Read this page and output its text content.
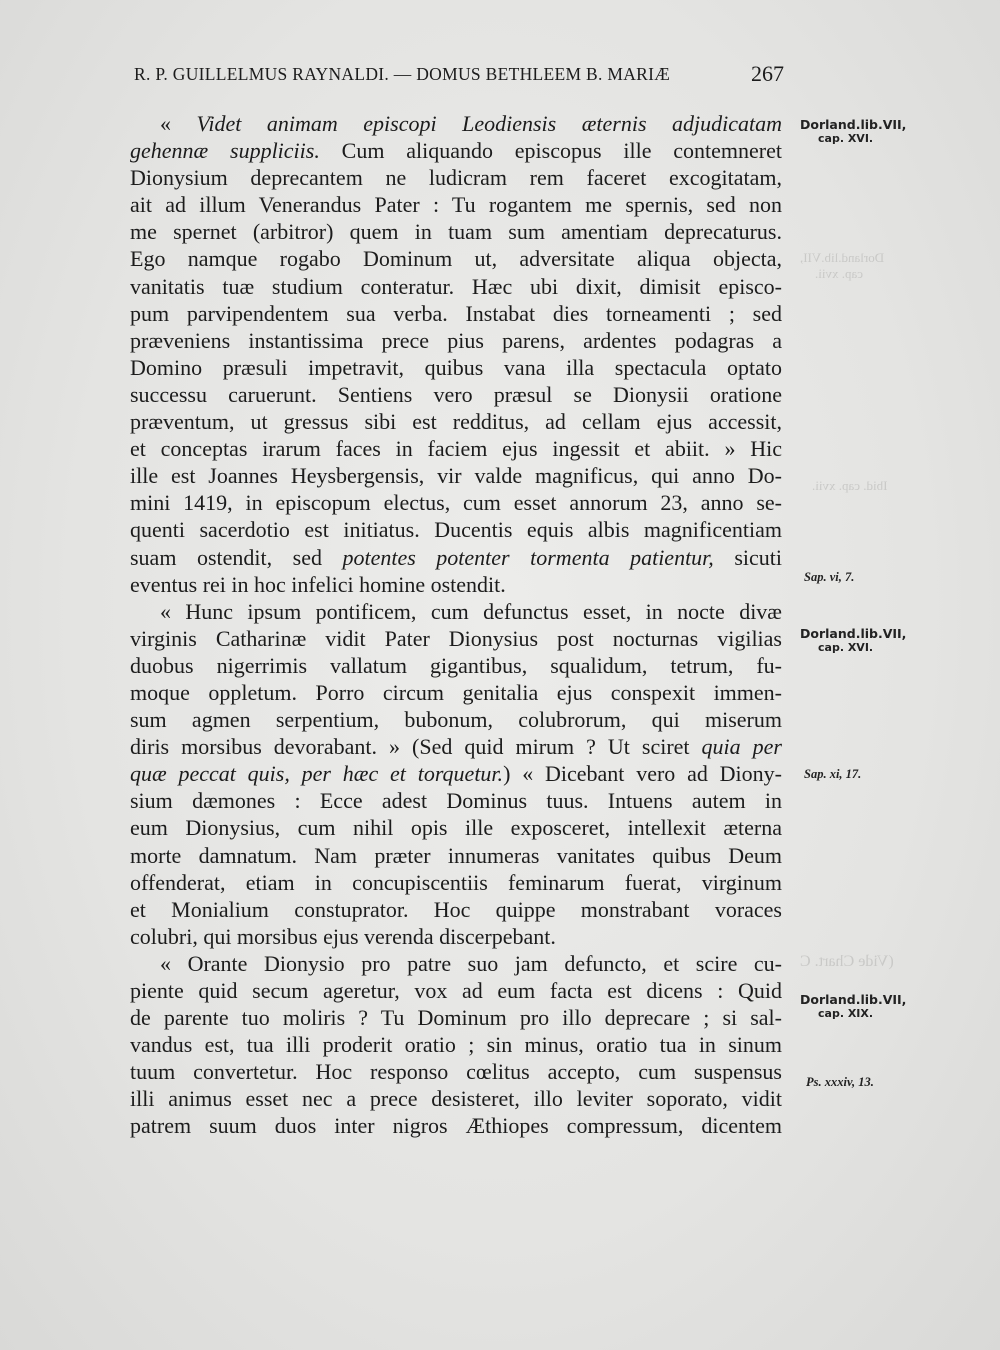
R. P. GUILLELMUS RAYNALDI. — DOMUS BETHLEEM B. MARIÆ	267
« Videt animam episcopi Leodiensis æternis adjudicatam
gehennæ suppliciis. Cum aliquando episcopus ille contemneret
Dionysium deprecantem ne ludicram rem faceret excogitatam,
ait ad illum Venerandus Pater : Tu rogantem me spernis, sed non
me spernet (arbitror) quem in tuam sum amentiam deprecaturus.
Ego namque rogabo Dominum ut, adversitate aliqua objecta,
vanitatis tuæ studium conteratur. Hæc ubi dixit, dimisit episco-
pum parvipendentem sua verba. Instabat dies torneamenti ; sed
præveniens instantissima prece pius parens, ardentes podagras a
Domino præsuli impetravit, quibus vana illa spectacula optato
successu caruerunt. Sentiens vero præsul se Dionysii oratione
præventum, ut gressus sibi est redditus, ad cellam ejus accessit,
et conceptas irarum faces in faciem ejus ingessit et abiit. » Hic
ille est Joannes Heysbergensis, vir valde magnificus, qui anno Do-
mini 1419, in episcopum electus, cum esset annorum 23, anno se-
quenti sacerdotio est initiatus. Ducentis equis albis magnificentiam
suam ostendit, sed potentes potenter tormenta patientur, sicuti
eventus rei in hoc infelici homine ostendit.
« Hunc ipsum pontificem, cum defunctus esset, in nocte divæ
virginis Catharinæ vidit Pater Dionysius post nocturnas vigilias
duobus nigerrimis vallatum gigantibus, squalidum, tetrum, fu-
moque oppletum. Porro circum genitalia ejus conspexit immen-
sum agmen serpentium, bubonum, colubrorum, qui miserum
diris morsibus devorabant. » (Sed quid mirum ? Ut sciret quia per
quæ peccat quis, per hæc et torquetur.) « Dicebant vero ad Diony-
sium dæmones : Ecce adest Dominus tuus. Intuens autem in
eum Dionysius, cum nihil opis ille exposceret, intellexit æterna
morte damnatum. Nam præter innumeras vanitates quibus Deum
offenderat, etiam in concupiscentiis feminarum fuerat, virginum
et Monialium constuprator. Hoc quippe monstrabant voraces
colubri, qui morsibus ejus verenda discerpebant.
« Orante Dionysio pro patre suo jam defuncto, et scire cu-
piente quid secum ageretur, vox ad eum facta est dicens : Quid
de parente tuo moliris ? Tu Dominum pro illo deprecare ; si sal-
vandus est, tua illi proderit oratio ; sin minus, oratio tua in sinum
tuum convertetur. Hoc responso cœlitus accepto, cum suspensus
illi animus esset nec a prece desisteret, illo leviter soporato, vidit
patrem suum duos inter nigros Æthiopes compressum, dicentem
Dorland.lib.VII,
cap. XVI.
Sap. vi, 7.
Dorland.lib.VII,
cap. XVI.
Sap. xi, 17.
Dorland.lib.VII,
cap. XIX.
Ps. xxxiv, 13.
Dorland.lib.VII,
cap. xvii.
Ibid. cap. xvii.
(Vide Chart. C
